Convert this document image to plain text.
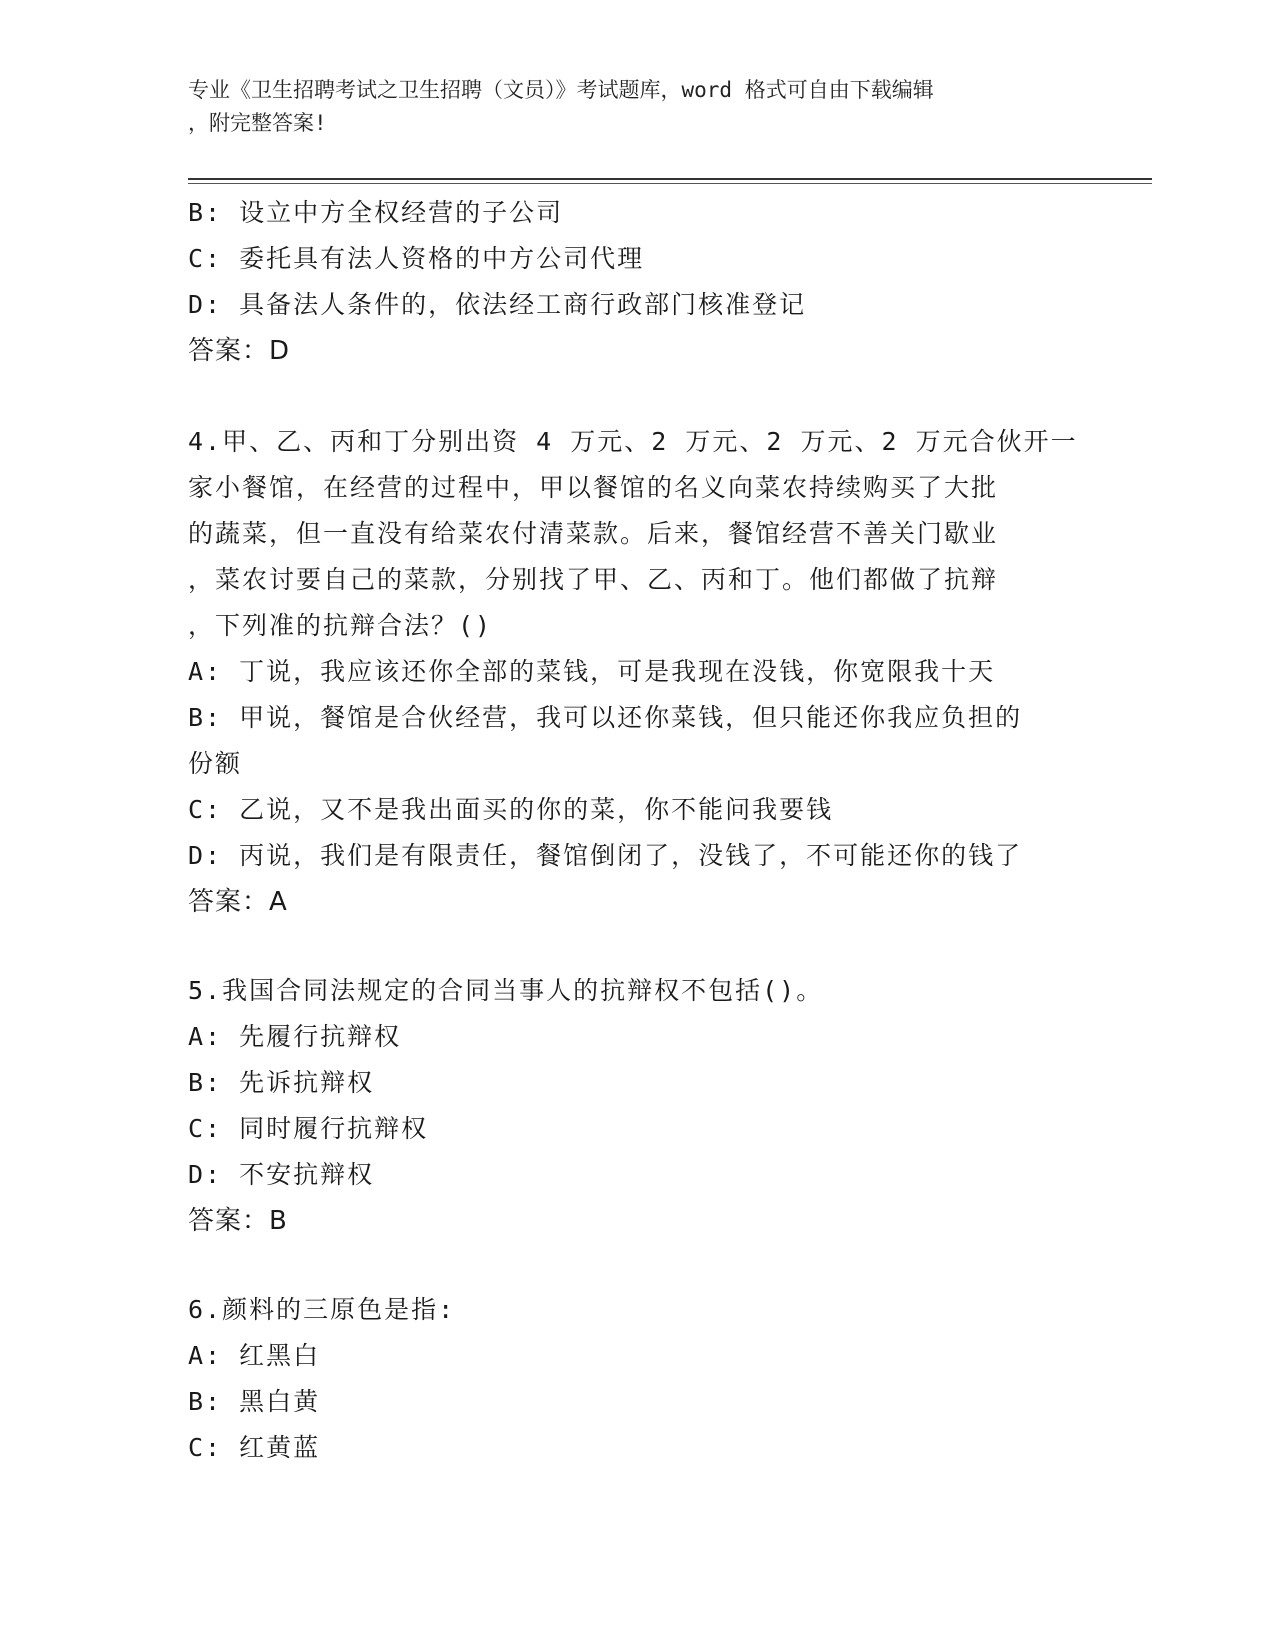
专业《卫生招聘考试之卫生招聘（文员）》考试题库，word 格式可自由下载编辑
，附完整答案!
B: 设立中方全权经营的子公司
C: 委托具有法人资格的中方公司代理
D: 具备法人条件的，依法经工商行政部门核准登记
答案：D
4.甲、乙、丙和丁分别出资 4 万元、2 万元、2 万元、2 万元合伙开一
家小餐馆，在经营的过程中，甲以餐馆的名义向菜农持续购买了大批
的蔬菜，但一直没有给菜农付清菜款。后来，餐馆经营不善关门歇业
，菜农讨要自己的菜款，分别找了甲、乙、丙和丁。他们都做了抗辩
，下列准的抗辩合法？()
A: 丁说，我应该还你全部的菜钱，可是我现在没钱，你宽限我十天
B: 甲说，餐馆是合伙经营，我可以还你菜钱，但只能还你我应负担的
份额
C: 乙说，又不是我出面买的你的菜，你不能问我要钱
D: 丙说，我们是有限责任，餐馆倒闭了，没钱了，不可能还你的钱了
答案：A
5.我国合同法规定的合同当事人的抗辩权不包括()。
A: 先履行抗辩权
B: 先诉抗辩权
C: 同时履行抗辩权
D: 不安抗辩权
答案：B
6.颜料的三原色是指:
A: 红黑白
B: 黑白黄
C: 红黄蓝
